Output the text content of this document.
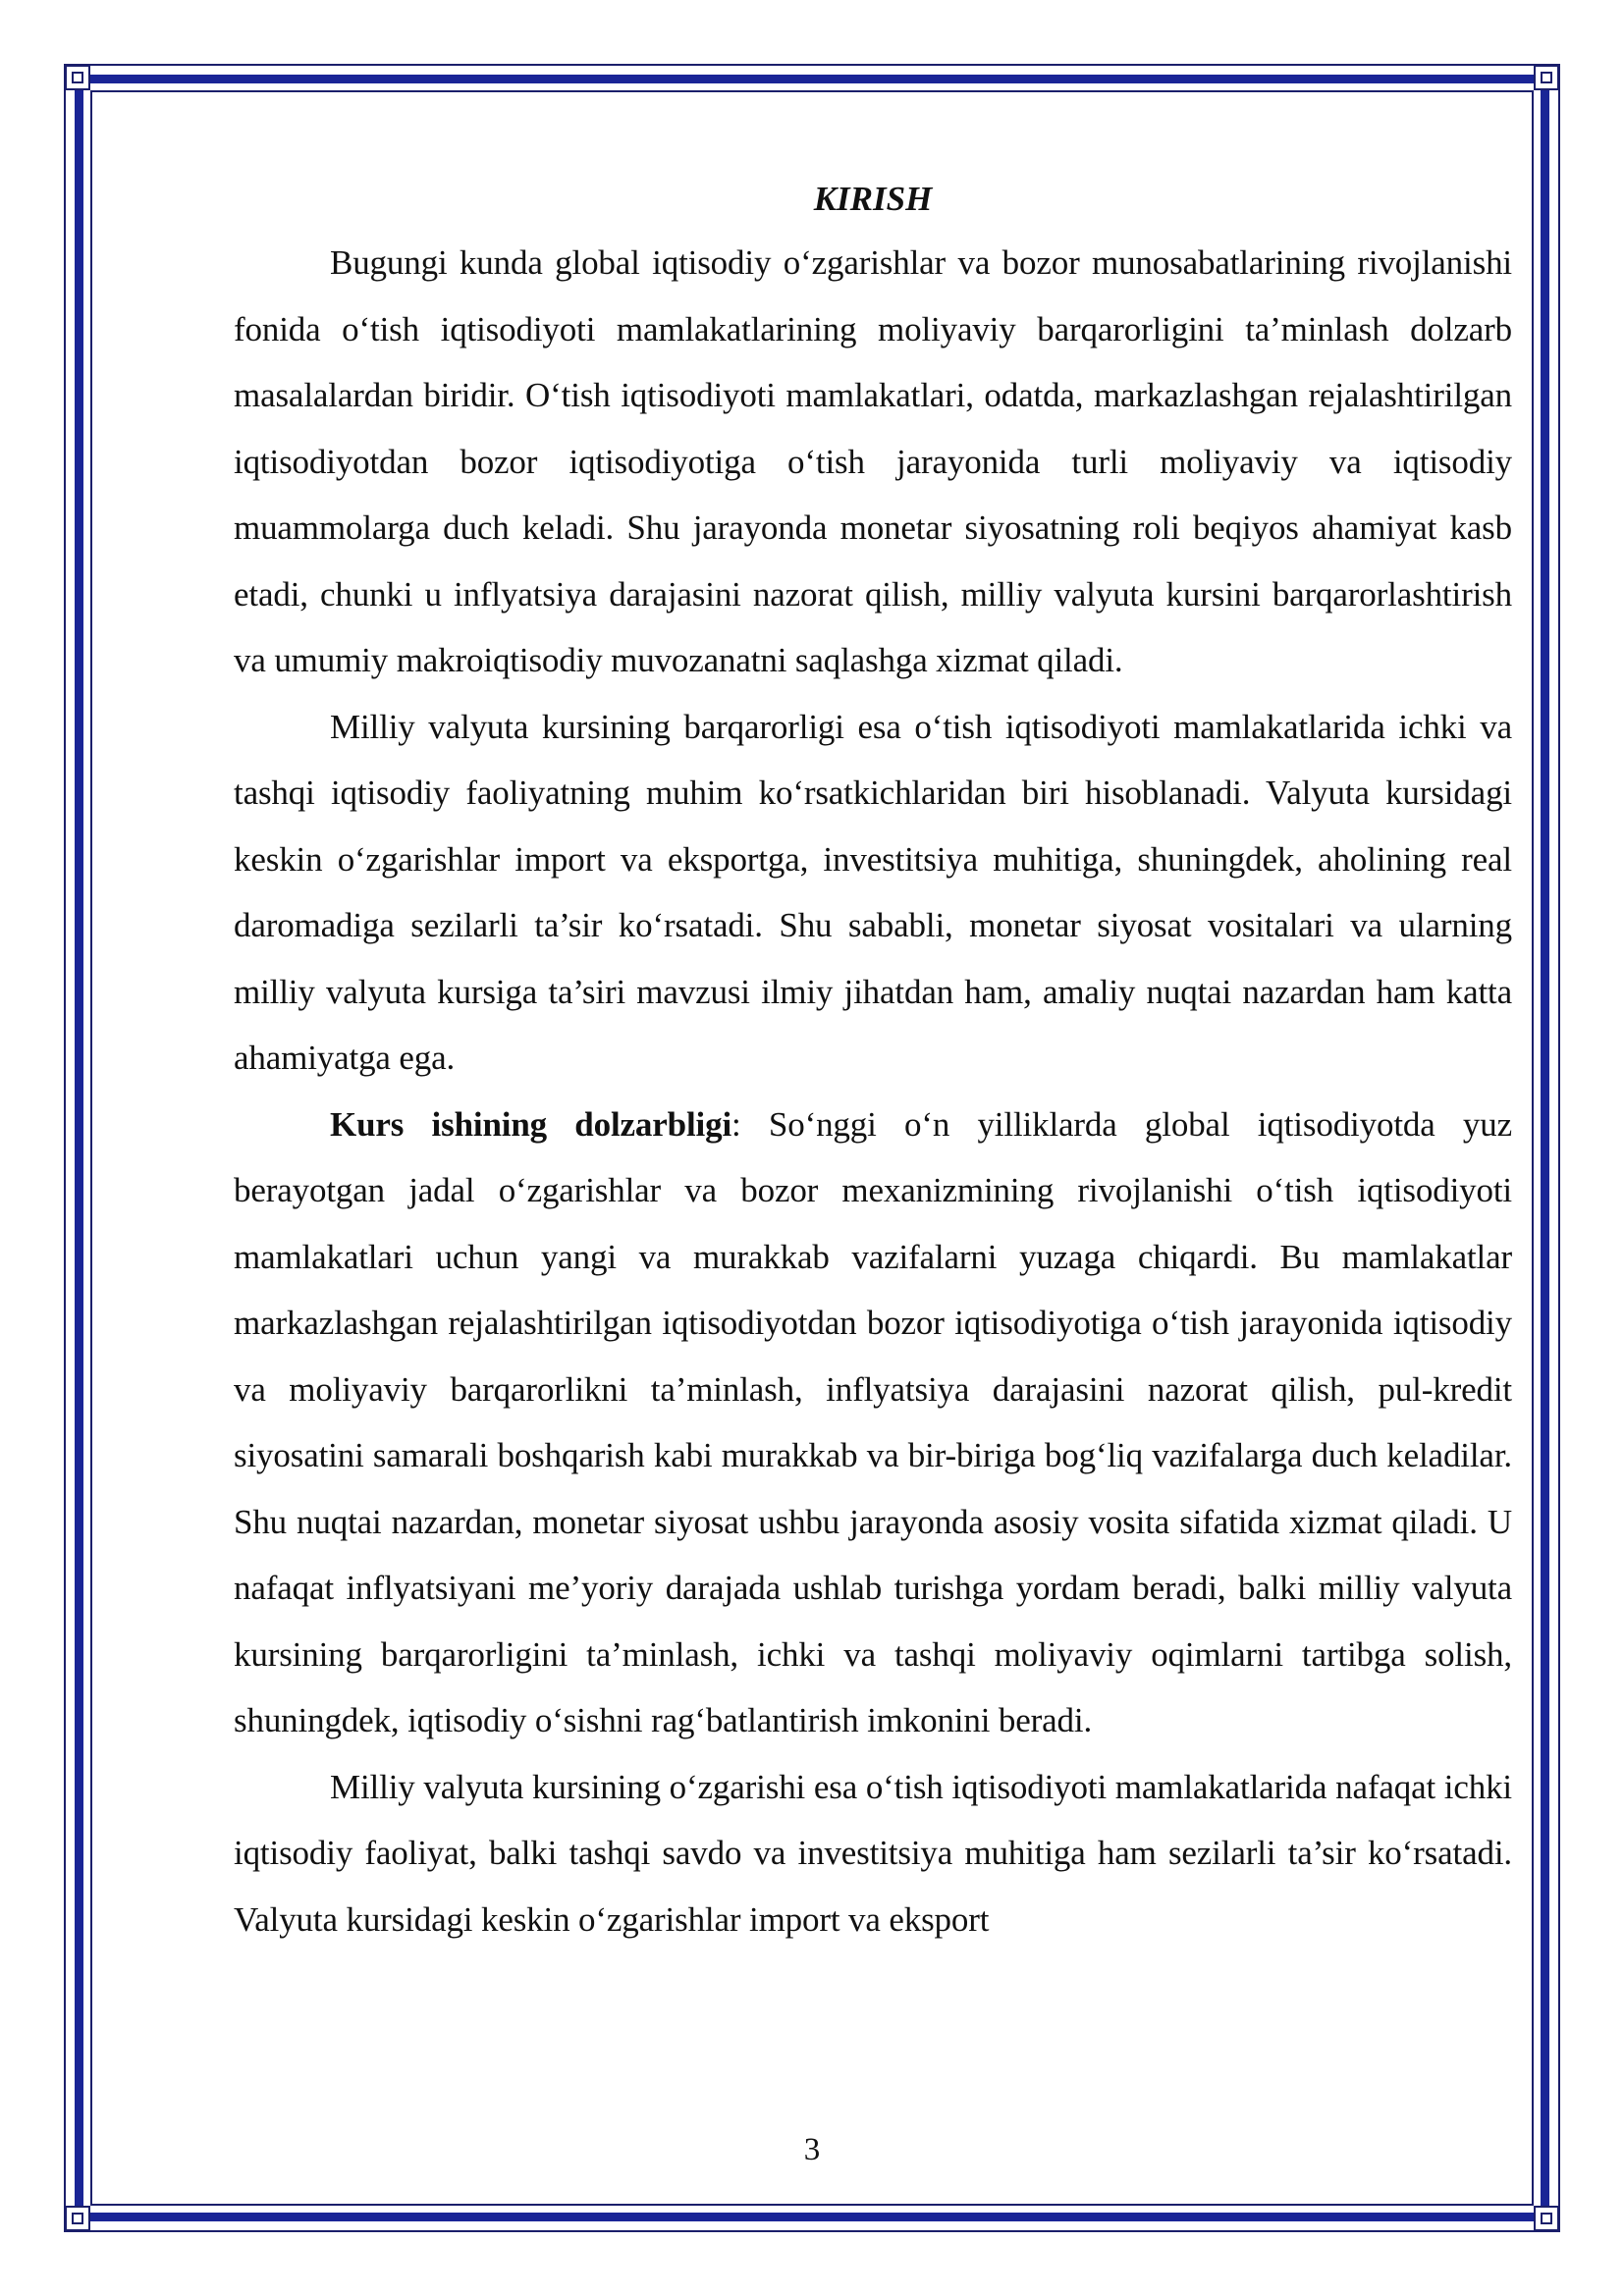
KIRISH

Bugungi kunda global iqtisodiy o‘zgarishlar va bozor munosabatlarining rivojlanishi fonida o‘tish iqtisodiyoti mamlakatlarining moliyaviy barqarorligini ta’minlash dolzarb masalalardan biridir. O‘tish iqtisodiyoti mamlakatlari, odatda, markazlashgan rejalashtirilgan iqtisodiyotdan bozor iqtisodiyotiga o‘tish jarayonida turli moliyaviy va iqtisodiy muammolarga duch keladi. Shu jarayonda monetar siyosatning roli beqiyos ahamiyat kasb etadi, chunki u inflyatsiya darajasini nazorat qilish, milliy valyuta kursini barqarorlashtirish va umumiy makroiqtisodiy muvozanatni saqlashga xizmat qiladi.

Milliy valyuta kursining barqarorligi esa o‘tish iqtisodiyoti mamlakatlarida ichki va tashqi iqtisodiy faoliyatning muhim ko‘rsatkichlaridan biri hisoblanadi. Valyuta kursidagi keskin o‘zgarishlar import va eksportga, investitsiya muhitiga, shuningdek, aholining real daromadiga sezilarli ta’sir ko‘rsatadi. Shu sababli, monetar siyosat vositalari va ularning milliy valyuta kursiga ta’siri mavzusi ilmiy jihatdan ham, amaliy nuqtai nazardan ham katta ahamiyatga ega.

Kurs ishining dolzarbligi: So‘nggi o‘n yilliklarda global iqtisodiyotda yuz berayotgan jadal o‘zgarishlar va bozor mexanizmining rivojlanishi o‘tish iqtisodiyoti mamlakatlari uchun yangi va murakkab vazifalarni yuzaga chiqardi. Bu mamlakatlar markazlashgan rejalashtirilgan iqtisodiyotdan bozor iqtisodiyotiga o‘tish jarayonida iqtisodiy va moliyaviy barqarorlikni ta’minlash, inflyatsiya darajasini nazorat qilish, pul-kredit siyosatini samarali boshqarish kabi murakkab va bir-biriga bog‘liq vazifalarga duch keladilar. Shu nuqtai nazardan, monetar siyosat ushbu jarayonda asosiy vosita sifatida xizmat qiladi. U nafaqat inflyatsiyani me’yoriy darajada ushlab turishga yordam beradi, balki milliy valyuta kursining barqarorligini ta’minlash, ichki va tashqi moliyaviy oqimlarni tartibga solish, shuningdek, iqtisodiy o‘sishni rag‘batlantirish imkonini beradi.

Milliy valyuta kursining o‘zgarishi esa o‘tish iqtisodiyoti mamlakatlarida nafaqat ichki iqtisodiy faoliyat, balki tashqi savdo va investitsiya muhitiga ham sezilarli ta’sir ko‘rsatadi. Valyuta kursidagi keskin o‘zgarishlar import va eksport

3
